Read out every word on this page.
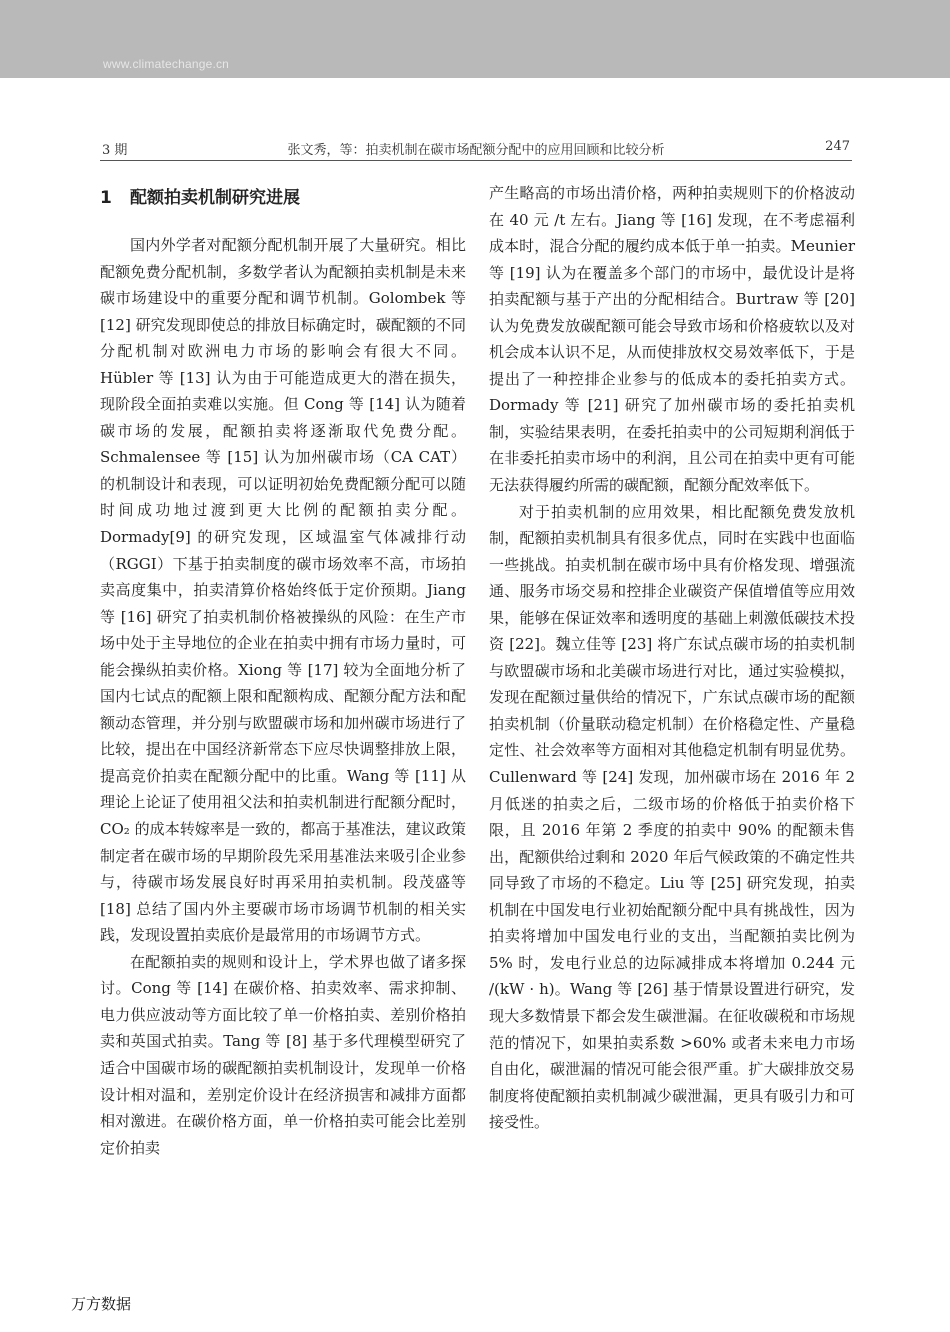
www.climatechange.cn
3 期	张文秀，等：拍卖机制在碳市场配额分配中的应用回顾和比较分析	247
1 配额拍卖机制研究进展

国内外学者对配额分配机制开展了大量研究。相比配额免费分配机制，多数学者认为配额拍卖机制是未来碳市场建设中的重要分配和调节机制。Golombek 等 [12] 研究发现即使总的排放目标确定时，碳配额的不同分配机制对欧洲电力市场的影响会有很大不同。Hübler 等 [13] 认为由于可能造成更大的潜在损失，现阶段全面拍卖难以实施。但 Cong 等 [14] 认为随着碳市场的发展，配额拍卖将逐渐取代免费分配。Schmalensee 等 [15] 认为加州碳市场（CA CAT）的机制设计和表现，可以证明初始免费配额分配可以随时间成功地过渡到更大比例的配额拍卖分配。Dormady[9] 的研究发现，区域温室气体减排行动（RGGI）下基于拍卖制度的碳市场效率不高，市场拍卖高度集中，拍卖清算价格始终低于定价预期。Jiang 等 [16] 研究了拍卖机制价格被操纵的风险：在生产市场中处于主导地位的企业在拍卖中拥有市场力量时，可能会操纵拍卖价格。Xiong 等 [17] 较为全面地分析了国内七试点的配额上限和配额构成、配额分配方法和配额动态管理，并分别与欧盟碳市场和加州碳市场进行了比较，提出在中国经济新常态下应尽快调整排放上限，提高竞价拍卖在配额分配中的比重。Wang 等 [11] 从理论上论证了使用祖父法和拍卖机制进行配额分配时，CO₂ 的成本转嫁率是一致的，都高于基准法，建议政策制定者在碳市场的早期阶段先采用基准法来吸引企业参与，待碳市场发展良好时再采用拍卖机制。段茂盛等 [18] 总结了国内外主要碳市场市场调节机制的相关实践，发现设置拍卖底价是最常用的市场调节方式。

在配额拍卖的规则和设计上，学术界也做了诸多探讨。Cong 等 [14] 在碳价格、拍卖效率、需求抑制、电力供应波动等方面比较了单一价格拍卖、差别价格拍卖和英国式拍卖。Tang 等 [8] 基于多代理模型研究了适合中国碳市场的碳配额拍卖机制设计，发现单一价格设计相对温和，差别定价设计在经济损害和减排方面都相对激进。在碳价格方面，单一价格拍卖可能会比差别定价拍卖

产生略高的市场出清价格，两种拍卖规则下的价格波动在 40 元 /t 左右。Jiang 等 [16] 发现，在不考虑福利成本时，混合分配的履约成本低于单一拍卖。Meunier 等 [19] 认为在覆盖多个部门的市场中，最优设计是将拍卖配额与基于产出的分配相结合。Burtraw 等 [20] 认为免费发放碳配额可能会导致市场和价格疲软以及对机会成本认识不足，从而使排放权交易效率低下，于是提出了一种控排企业参与的低成本的委托拍卖方式。Dormady 等 [21] 研究了加州碳市场的委托拍卖机制，实验结果表明，在委托拍卖中的公司短期利润低于在非委托拍卖市场中的利润，且公司在拍卖中更有可能无法获得履约所需的碳配额，配额分配效率低下。

对于拍卖机制的应用效果，相比配额免费发放机制，配额拍卖机制具有很多优点，同时在实践中也面临一些挑战。拍卖机制在碳市场中具有价格发现、增强流通、服务市场交易和控排企业碳资产保值增值等应用效果，能够在保证效率和透明度的基础上刺激低碳技术投资 [22]。魏立佳等 [23] 将广东试点碳市场的拍卖机制与欧盟碳市场和北美碳市场进行对比，通过实验模拟，发现在配额过量供给的情况下，广东试点碳市场的配额拍卖机制（价量联动稳定机制）在价格稳定性、产量稳定性、社会效率等方面相对其他稳定机制有明显优势。Cullenward 等 [24] 发现，加州碳市场在 2016 年 2 月低迷的拍卖之后，二级市场的价格低于拍卖价格下限，且 2016 年第 2 季度的拍卖中 90% 的配额未售出，配额供给过剩和 2020 年后气候政策的不确定性共同导致了市场的不稳定。Liu 等 [25] 研究发现，拍卖机制在中国发电行业初始配额分配中具有挑战性，因为拍卖将增加中国发电行业的支出，当配额拍卖比例为 5% 时，发电行业总的边际减排成本将增加 0.244 元 /(kW · h)。Wang 等 [26] 基于情景设置进行研究，发现大多数情景下都会发生碳泄漏。在征收碳税和市场规范的情况下，如果拍卖系数 >60% 或者未来电力市场自由化，碳泄漏的情况可能会很严重。扩大碳排放交易制度将使配额拍卖机制减少碳泄漏，更具有吸引力和可接受性。

万方数据
